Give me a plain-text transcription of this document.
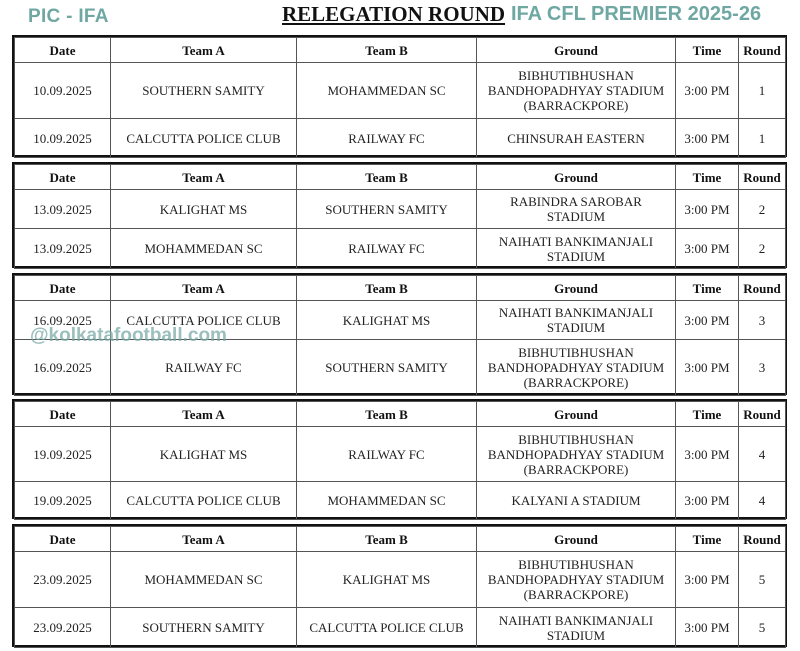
PIC - IFA	RELEGATION ROUND IFA CFL PREMIER 2025-26
Date	Team A	Team B	Ground	Time	Round
10.09.2025	SOUTHERN SAMITY	MOHAMMEDAN SC	BIBHUTIBHUSHAN
BANDHOPADHYAY STADIUM
(BARRACKPORE)	3:00 PM	1
10.09.2025	CALCUTTA POLICE CLUB	RAILWAY FC	CHINSURAH EASTERN	3:00 PM	1
Date	Team A	Team B	Ground	Time	Round
13.09.2025	KALIGHAT MS	SOUTHERN SAMITY	RABINDRA SAROBAR
STADIUM	3:00 PM	2
13.09.2025	MOHAMMEDAN SC	RAILWAY FC	NAIHATI BANKIMANJALI
STADIUM	3:00 PM	2
Date	Team A	Team B	Ground	Time	Round
16.09.2025	CALCUTTA POLICE CLUB	KALIGHAT MS	NAIHATI BANKIMANJALI
STADIUM	3:00 PM	3
16.09.2025	RAILWAY FC	SOUTHERN SAMITY	BIBHUTIBHUSHAN
BANDHOPADHYAY STADIUM
(BARRACKPORE)	3:00 PM	3
Date	Team A	Team B	Ground	Time	Round
19.09.2025	KALIGHAT MS	RAILWAY FC	BIBHUTIBHUSHAN
BANDHOPADHYAY STADIUM
(BARRACKPORE)	3:00 PM	4
19.09.2025	CALCUTTA POLICE CLUB	MOHAMMEDAN SC	KALYANI A STADIUM	3:00 PM	4
Date	Team A	Team B	Ground	Time	Round
23.09.2025	MOHAMMEDAN SC	KALIGHAT MS	BIBHUTIBHUSHAN
BANDHOPADHYAY STADIUM
(BARRACKPORE)	3:00 PM	5
23.09.2025	SOUTHERN SAMITY	CALCUTTA POLICE CLUB	NAIHATI BANKIMANJALI
STADIUM	3:00 PM	5
@kolkatafootball.com
